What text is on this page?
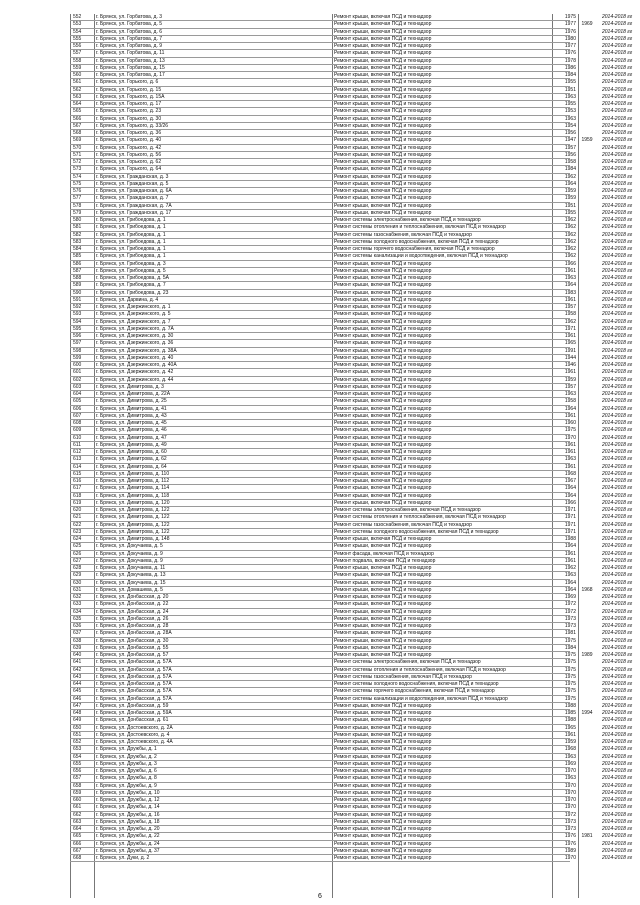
552	г. Брянск, ул. Горбатова, д. 3	Ремонт крыши, включая ПСД и технадзор	1975	2014-2018 гг
553	г. Брянск, ул. Горбатова, д. 5	Ремонт крыши, включая ПСД и технадзор	1977	1969	2014-2018 гг
554	г. Брянск, ул. Горбатова, д. 6	Ремонт крыши, включая ПСД и технадзор	1976	2014-2018 гг
555	г. Брянск, ул. Горбатова, д. 7	Ремонт крыши, включая ПСД и технадзор	1980	2014-2018 гг
556	г. Брянск, ул. Горбатова, д. 9	Ремонт крыши, включая ПСД и технадзор	1977	2014-2018 гг
557	г. Брянск, ул. Горбатова, д. 11	Ремонт крыши, включая ПСД и технадзор	1976	2014-2018 гг
558	г. Брянск, ул. Горбатова, д. 13	Ремонт крыши, включая ПСД и технадзор	1978	2014-2018 гг
559	г. Брянск, ул. Горбатова, д. 15	Ремонт крыши, включая ПСД и технадзор	1986	2014-2018 гг
560	г. Брянск, ул. Горбатова, д. 17	Ремонт крыши, включая ПСД и технадзор	1984	2014-2018 гг
561	г. Брянск, ул. Горького, д. 6	Ремонт крыши, включая ПСД и технадзор	1955	2014-2018 гг
562	г. Брянск, ул. Горького, д. 15	Ремонт крыши, включая ПСД и технадзор	1951	2014-2018 гг
563	г. Брянск, ул. Горького, д. 15А	Ремонт крыши, включая ПСД и технадзор	1963	2014-2018 гг
564	г. Брянск, ул. Горького, д. 17	Ремонт крыши, включая ПСД и технадзор	1955	2014-2018 гг
565	г. Брянск, ул. Горького, д. 23	Ремонт крыши, включая ПСД и технадзор	1953	2014-2018 гг
566	г. Брянск, ул. Горького, д. 30	Ремонт крыши, включая ПСД и технадзор	1963	2014-2018 гг
567	г. Брянск, ул. Горького, д. 33/26	Ремонт крыши, включая ПСД и технадзор	1954	2014-2018 гг
568	г. Брянск, ул. Горького, д. 36	Ремонт крыши, включая ПСД и технадзор	1956	2014-2018 гг
569	г. Брянск, ул. Горького, д. 40	Ремонт крыши, включая ПСД и технадзор	1947	1959	2014-2018 гг
570	г. Брянск, ул. Горького, д. 42	Ремонт крыши, включая ПСД и технадзор	1957	2014-2018 гг
571	г. Брянск, ул. Горького, д. 56	Ремонт крыши, включая ПСД и технадзор	1956	2014-2018 гг
572	г. Брянск, ул. Горького, д. 62	Ремонт крыши, включая ПСД и технадзор	1958	2014-2018 гг
573	г. Брянск, ул. Горького, д. 64	Ремонт крыши, включая ПСД и технадзор	1984	2014-2018 гг
574	г. Брянск, ул. Гражданская, д. 3	Ремонт крыши, включая ПСД и технадзор	1962	2014-2018 гг
575	г. Брянск, ул. Гражданская, д. 5	Ремонт крыши, включая ПСД и технадзор	1964	2014-2018 гг
576	г. Брянск, ул. Гражданская, д. 6А	Ремонт крыши, включая ПСД и технадзор	1959	2014-2018 гг
577	г. Брянск, ул. Гражданская, д. 7	Ремонт крыши, включая ПСД и технадзор	1959	2014-2018 гг
578	г. Брянск, ул. Гражданская, д. 7А	Ремонт крыши, включая ПСД и технадзор	1951	2014-2018 гг
579	г. Брянск, ул. Гражданская, д. 17	Ремонт крыши, включая ПСД и технадзор	1955	2014-2018 гг
580	г. Брянск, ул. Грибоедова, д. 1	Ремонт системы электроснабжения, включая ПСД и технадзор	1962	2014-2018 гг
581	г. Брянск, ул. Грибоедова, д. 1	Ремонт системы отопления и теплоснабжения, включая ПСД и технадзор	1962	2014-2018 гг
582	г. Брянск, ул. Грибоедова, д. 1	Ремонт системы газоснабжения, включая ПСД и технадзор	1962	2014-2018 гг
583	г. Брянск, ул. Грибоедова, д. 1	Ремонт системы холодного водоснабжения, включая ПСД и технадзор	1962	2014-2018 гг
584	г. Брянск, ул. Грибоедова, д. 1	Ремонт системы горячего водоснабжения, включая ПСД и технадзор	1962	2014-2018 гг
585	г. Брянск, ул. Грибоедова, д. 1	Ремонт системы канализации и водоотведения, включая ПСД и технадзор	1962	2014-2018 гг
586	г. Брянск, ул. Грибоедова, д. 3	Ремонт крыши, включая ПСД и технадзор	1966	2014-2018 гг
587	г. Брянск, ул. Грибоедова, д. 5	Ремонт крыши, включая ПСД и технадзор	1961	2014-2018 гг
588	г. Брянск, ул. Грибоедова, д. 5А	Ремонт крыши, включая ПСД и технадзор	1963	2014-2018 гг
589	г. Брянск, ул. Грибоедова, д. 7	Ремонт крыши, включая ПСД и технадзор	1964	2014-2018 гг
590	г. Брянск, ул. Грибоедова, д. 23	Ремонт крыши, включая ПСД и технадзор	1983	2014-2018 гг
591	г. Брянск, ул. Дарвина, д. 4	Ремонт крыши, включая ПСД и технадзор	1961	2014-2018 гг
592	г. Брянск, ул. Дзержинского, д. 1	Ремонт крыши, включая ПСД и технадзор	1957	2014-2018 гг
593	г. Брянск, ул. Дзержинского, д. 5	Ремонт крыши, включая ПСД и технадзор	1958	2014-2018 гг
594	г. Брянск, ул. Дзержинского, д. 7	Ремонт крыши, включая ПСД и технадзор	1962	2014-2018 гг
595	г. Брянск, ул. Дзержинского, д. 7А	Ремонт крыши, включая ПСД и технадзор	1971	2014-2018 гг
596	г. Брянск, ул. Дзержинского, д. 30	Ремонт крыши, включая ПСД и технадзор	1961	2014-2018 гг
597	г. Брянск, ул. Дзержинского, д. 36	Ремонт крыши, включая ПСД и технадзор	1965	2014-2018 гг
598	г. Брянск, ул. Дзержинского, д. 38А	Ремонт крыши, включая ПСД и технадзор	1991	2014-2018 гг
599	г. Брянск, ул. Дзержинского, д. 40	Ремонт крыши, включая ПСД и технадзор	1944	2014-2018 гг
600	г. Брянск, ул. Дзержинского, д. 40А	Ремонт крыши, включая ПСД и технадзор	1946	2014-2018 гг
601	г. Брянск, ул. Дзержинского, д. 42	Ремонт крыши, включая ПСД и технадзор	1961	2014-2018 гг
602	г. Брянск, ул. Дзержинского, д. 44	Ремонт крыши, включая ПСД и технадзор	1959	2014-2018 гг
603	г. Брянск, ул. Димитрова, д. 3	Ремонт крыши, включая ПСД и технадзор	1957	2014-2018 гг
604	г. Брянск, ул. Димитрова, д. 22А	Ремонт крыши, включая ПСД и технадзор	1963	2014-2018 гг
605	г. Брянск, ул. Димитрова, д. 25	Ремонт крыши, включая ПСД и технадзор	1958	2014-2018 гг
606	г. Брянск, ул. Димитрова, д. 41	Ремонт крыши, включая ПСД и технадзор	1964	2014-2018 гг
607	г. Брянск, ул. Димитрова, д. 43	Ремонт крыши, включая ПСД и технадзор	1961	2014-2018 гг
608	г. Брянск, ул. Димитрова, д. 45	Ремонт крыши, включая ПСД и технадзор	1960	2014-2018 гг
609	г. Брянск, ул. Димитрова, д. 46	Ремонт крыши, включая ПСД и технадзор	1975	2014-2018 гг
610	г. Брянск, ул. Димитрова, д. 47	Ремонт крыши, включая ПСД и технадзор	1970	2014-2018 гг
611	г. Брянск, ул. Димитрова, д. 49	Ремонт крыши, включая ПСД и технадзор	1961	2014-2018 гг
612	г. Брянск, ул. Димитрова, д. 60	Ремонт крыши, включая ПСД и технадзор	1961	2014-2018 гг
613	г. Брянск, ул. Димитрова, д. 62	Ремонт крыши, включая ПСД и технадзор	1963	2014-2018 гг
614	г. Брянск, ул. Димитрова, д. 64	Ремонт крыши, включая ПСД и технадзор	1961	2014-2018 гг
615	г. Брянск, ул. Димитрова, д. 110	Ремонт крыши, включая ПСД и технадзор	1968	2014-2018 гг
616	г. Брянск, ул. Димитрова, д. 112	Ремонт крыши, включая ПСД и технадзор	1967	2014-2018 гг
617	г. Брянск, ул. Димитрова, д. 114	Ремонт крыши, включая ПСД и технадзор	1964	2014-2018 гг
618	г. Брянск, ул. Димитрова, д. 118	Ремонт крыши, включая ПСД и технадзор	1964	2014-2018 гг
619	г. Брянск, ул. Димитрова, д. 120	Ремонт крыши, включая ПСД и технадзор	1966	2014-2018 гг
620	г. Брянск, ул. Димитрова, д. 122	Ремонт системы электроснабжения, включая ПСД и технадзор	1971	2014-2018 гг
621	г. Брянск, ул. Димитрова, д. 122	Ремонт системы отопления и теплоснабжения, включая ПСД и технадзор	1971	2014-2018 гг
622	г. Брянск, ул. Димитрова, д. 122	Ремонт системы газоснабжения, включая ПСД и технадзор	1971	2014-2018 гг
623	г. Брянск, ул. Димитрова, д. 122	Ремонт системы холодного водоснабжения, включая ПСД и технадзор	1971	2014-2018 гг
624	г. Брянск, ул. Димитрова, д. 148	Ремонт крыши, включая ПСД и технадзор	1988	2014-2018 гг
625	г. Брянск, ул. Докучаева, д. 5	Ремонт крыши, включая ПСД и технадзор	1964	2014-2018 гг
626	г. Брянск, ул. Докучаева, д. 9	Ремонт фасада, включая ПСД и технадзор	1961	2014-2018 гг
627	г. Брянск, ул. Докучаева, д. 9	Ремонт подвала, включая ПСД и технадзор	1961	2014-2018 гг
628	г. Брянск, ул. Докучаева, д. 11	Ремонт крыши, включая ПСД и технадзор	1962	2014-2018 гг
629	г. Брянск, ул. Докучаева, д. 13	Ремонт крыши, включая ПСД и технадзор	1963	2014-2018 гг
630	г. Брянск, ул. Докучаева, д. 15	Ремонт крыши, включая ПСД и технадзор	1964	2014-2018 гг
631	г. Брянск, ул. Домашева, д. 5	Ремонт крыши, включая ПСД и технадзор	1964	1968	2014-2018 гг
632	г. Брянск, ул. Донбасская, д. 20	Ремонт крыши, включая ПСД и технадзор	1969	2014-2018 гг
633	г. Брянск, ул. Донбасская, д. 22	Ремонт крыши, включая ПСД и технадзор	1972	2014-2018 гг
634	г. Брянск, ул. Донбасская, д. 24	Ремонт крыши, включая ПСД и технадзор	1972	2014-2018 гг
635	г. Брянск, ул. Донбасская, д. 26	Ремонт крыши, включая ПСД и технадзор	1973	2014-2018 гг
636	г. Брянск, ул. Донбасская, д. 28	Ремонт крыши, включая ПСД и технадзор	1973	2014-2018 гг
637	г. Брянск, ул. Донбасская, д. 28А	Ремонт крыши, включая ПСД и технадзор	1981	2014-2018 гг
638	г. Брянск, ул. Донбасская, д. 30	Ремонт крыши, включая ПСД и технадзор	1975	2014-2018 гг
639	г. Брянск, ул. Донбасская, д. 55	Ремонт крыши, включая ПСД и технадзор	1984	2014-2018 гг
640	г. Брянск, ул. Донбасская, д. 57	Ремонт крыши, включая ПСД и технадзор	1975	1989	2014-2018 гг
641	г. Брянск, ул. Донбасская, д. 57А	Ремонт системы электроснабжения, включая ПСД и технадзор	1975	2014-2018 гг
642	г. Брянск, ул. Донбасская, д. 57А	Ремонт системы отопления и теплоснабжения, включая ПСД и технадзор	1975	2014-2018 гг
643	г. Брянск, ул. Донбасская, д. 57А	Ремонт системы газоснабжения, включая ПСД и технадзор	1975	2014-2018 гг
644	г. Брянск, ул. Донбасская, д. 57А	Ремонт системы холодного водоснабжения, включая ПСД и технадзор	1975	2014-2018 гг
645	г. Брянск, ул. Донбасская, д. 57А	Ремонт системы горячего водоснабжения, включая ПСД и технадзор	1975	2014-2018 гг
646	г. Брянск, ул. Донбасская, д. 57А	Ремонт системы канализации и водоотведения, включая ПСД и технадзор	1975	2014-2018 гг
647	г. Брянск, ул. Донбасская, д. 59	Ремонт крыши, включая ПСД и технадзор	1988	2014-2018 гг
648	г. Брянск, ул. Донбасская, д. 59А	Ремонт крыши, включая ПСД и технадзор	1985	1994	2014-2018 гг
649	г. Брянск, ул. Донбасская, д. 61	Ремонт крыши, включая ПСД и технадзор	1988	2014-2018 гг
650	г. Брянск, ул. Достоевского, д. 2А	Ремонт крыши, включая ПСД и технадзор	1965	2014-2018 гг
651	г. Брянск, ул. Достоевского, д. 4	Ремонт крыши, включая ПСД и технадзор	1961	2014-2018 гг
652	г. Брянск, ул. Достоевского, д. 4А	Ремонт крыши, включая ПСД и технадзор	1959	2014-2018 гг
653	г. Брянск, ул. Дружбы, д. 1	Ремонт крыши, включая ПСД и технадзор	1968	2014-2018 гг
654	г. Брянск, ул. Дружбы, д. 2	Ремонт крыши, включая ПСД и технадзор	1963	2014-2018 гг
655	г. Брянск, ул. Дружбы, д. 3	Ремонт крыши, включая ПСД и технадзор	1969	2014-2018 гг
656	г. Брянск, ул. Дружбы, д. 6	Ремонт крыши, включая ПСД и технадзор	1970	2014-2018 гг
657	г. Брянск, ул. Дружбы, д. 8	Ремонт крыши, включая ПСД и технадзор	1963	2014-2018 гг
658	г. Брянск, ул. Дружбы, д. 9	Ремонт крыши, включая ПСД и технадзор	1970	2014-2018 гг
659	г. Брянск, ул. Дружбы, д. 10	Ремонт крыши, включая ПСД и технадзор	1970	2014-2018 гг
660	г. Брянск, ул. Дружбы, д. 12	Ремонт крыши, включая ПСД и технадзор	1970	2014-2018 гг
661	г. Брянск, ул. Дружбы, д. 14	Ремонт крыши, включая ПСД и технадзор	1970	2014-2018 гг
662	г. Брянск, ул. Дружбы, д. 16	Ремонт крыши, включая ПСД и технадзор	1972	2014-2018 гг
663	г. Брянск, ул. Дружбы, д. 18	Ремонт крыши, включая ПСД и технадзор	1973	2014-2018 гг
664	г. Брянск, ул. Дружбы, д. 20	Ремонт крыши, включая ПСД и технадзор	1973	2014-2018 гг
665	г. Брянск, ул. Дружбы, д. 22	Ремонт крыши, включая ПСД и технадзор	1976	1981	2014-2018 гг
666	г. Брянск, ул. Дружбы, д. 24	Ремонт крыши, включая ПСД и технадзор	1976	2014-2018 гг
667	г. Брянск, ул. Дружбы, д. 37	Ремонт крыши, включая ПСД и технадзор	1989	2014-2018 гг
668	г. Брянск, ул. Дуки, д. 2	Ремонт крыши, включая ПСД и технадзор	1970	2014-2018 гг
6
